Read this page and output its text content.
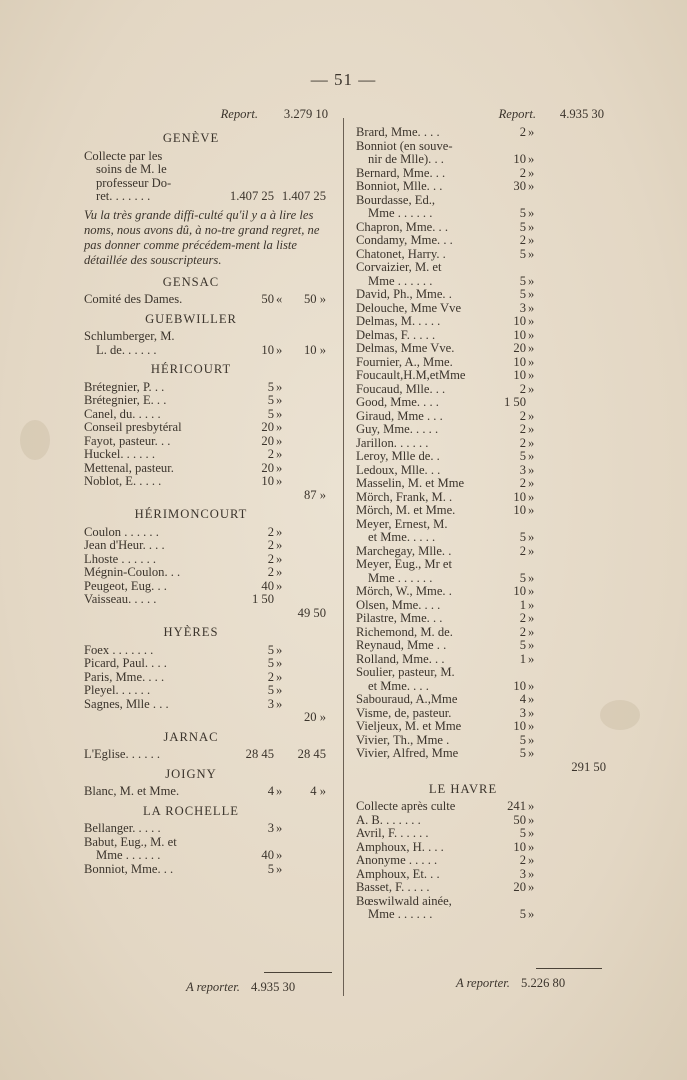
— 51 —
Report. 3.279 10
GENÈVE
Collecte par les
soins de M. le
professeur Do-
ret. . . . . . .	1.407 25 1.407 25
Vu la très grande diffi-culté qu'il y a à lire les noms, nous avons dû, à no-tre grand regret, ne pas donner comme précédem-ment la liste détaillée des souscripteurs.
GENSAC
Comité des Dames.	50 «	50 »
GUEBWILLER
Schlumberger, M.
L. de. . . . . .	10 »	10 »
HÉRICOURT
Brétegnier, P. . .	5 »
Brétegnier, E. . .	5 »
Canel, du. . . . .	5 »
Conseil presbytéral	20 »
Fayot, pasteur. . .	20 »
Huckel. . . . . .	2 »
Mettenal, pasteur.	20 »
Noblot, E. . . . .	10 »

87 »
HÉRIMONCOURT
Coulon . . . . . .	2 »
Jean d'Heur. . . .	2 »
Lhoste . . . . . .	2 »
Mégnin-Coulon. . .	2 »
Peugeot, Eug. . .	40 »
Vaisseau. . . . .	1 50

49 50
HYÈRES
Foex . . . . . . .	5 »
Picard, Paul. . . .	5 »
Paris, Mme. . . .	2 »
Pleyel. . . . . .	5 »
Sagnes, Mlle . . .	3 »

20 »
JARNAC
L'Eglise. . . . . .	28 45	28 45
JOIGNY
Blanc, M. et Mme.	4 »	4 »
LA ROCHELLE
Bellanger. . . . .	3 »
Babut, Eug., M. et
Mme . . . . . .	40 »
Bonniot, Mme. . .	5 »
Report. 4.935 30
Brard, Mme. . . .	2 »
Bonniot (en souve-
nir de Mlle). . .	10 »
Bernard, Mme. . .	2 »
Bonniot, Mlle. . .	30 »
Bourdasse, Ed.,
Mme . . . . . .	5 »
Chapron, Mme. . .	5 »
Condamy, Mme. . .	2 »
Chatonet, Harry. .	5 »
Corvaizier, M. et
Mme . . . . . .	5 »
David, Ph., Mme. .	5 »
Delouche, Mme Vve	3 »
Delmas, M. . . . .	10 »
Delmas, F. . . . .	10 »
Delmas, Mme Vve.	20 »
Fournier, A., Mme.	10 »
Foucault,H.M,etMme	10 »
Foucaud, Mlle. . .	2 »
Good, Mme. . . .	1 50
Giraud, Mme . . .	2 »
Guy, Mme. . . . .	2 »
Jarillon. . . . . .	2 »
Leroy, Mlle de. .	5 »
Ledoux, Mlle. . .	3 »
Masselin, M. et Mme	2 »
Mörch, Frank, M. .	10 »
Mörch, M. et Mme.	10 »
Meyer, Ernest, M.
et Mme. . . . .	5 »
Marchegay, Mlle. .	2 »
Meyer, Eug., Mr et
Mme . . . . . .	5 »
Mörch, W., Mme. .	10 »
Olsen, Mme. . . .	1 »
Pilastre, Mme. . .	2 »
Richemond, M. de.	2 »
Reynaud, Mme . .	5 »
Rolland, Mme. . .	1 »
Soulier, pasteur, M.
et Mme. . . .	10 »
Sabouraud, A.,Mme	4 »
Visme, de, pasteur.	3 »
Vieljeux, M. et Mme	10 »
Vivier, Th., Mme .	5 »
Vivier, Alfred, Mme	5 »
291 50
LE HAVRE
Collecte après culte	241 »
A. B. . . . . . .	50 »
Avril, F. . . . . .	5 »
Amphoux, H. . . .	10 »
Anonyme . . . . .	2 »
Amphoux, Et. . .	3 »
Basset, F. . . . .	20 »
Bœswilwald ainée,
Mme . . . . . .	5 »
A reporter. 4.935 30	A reporter. 5.226 80
